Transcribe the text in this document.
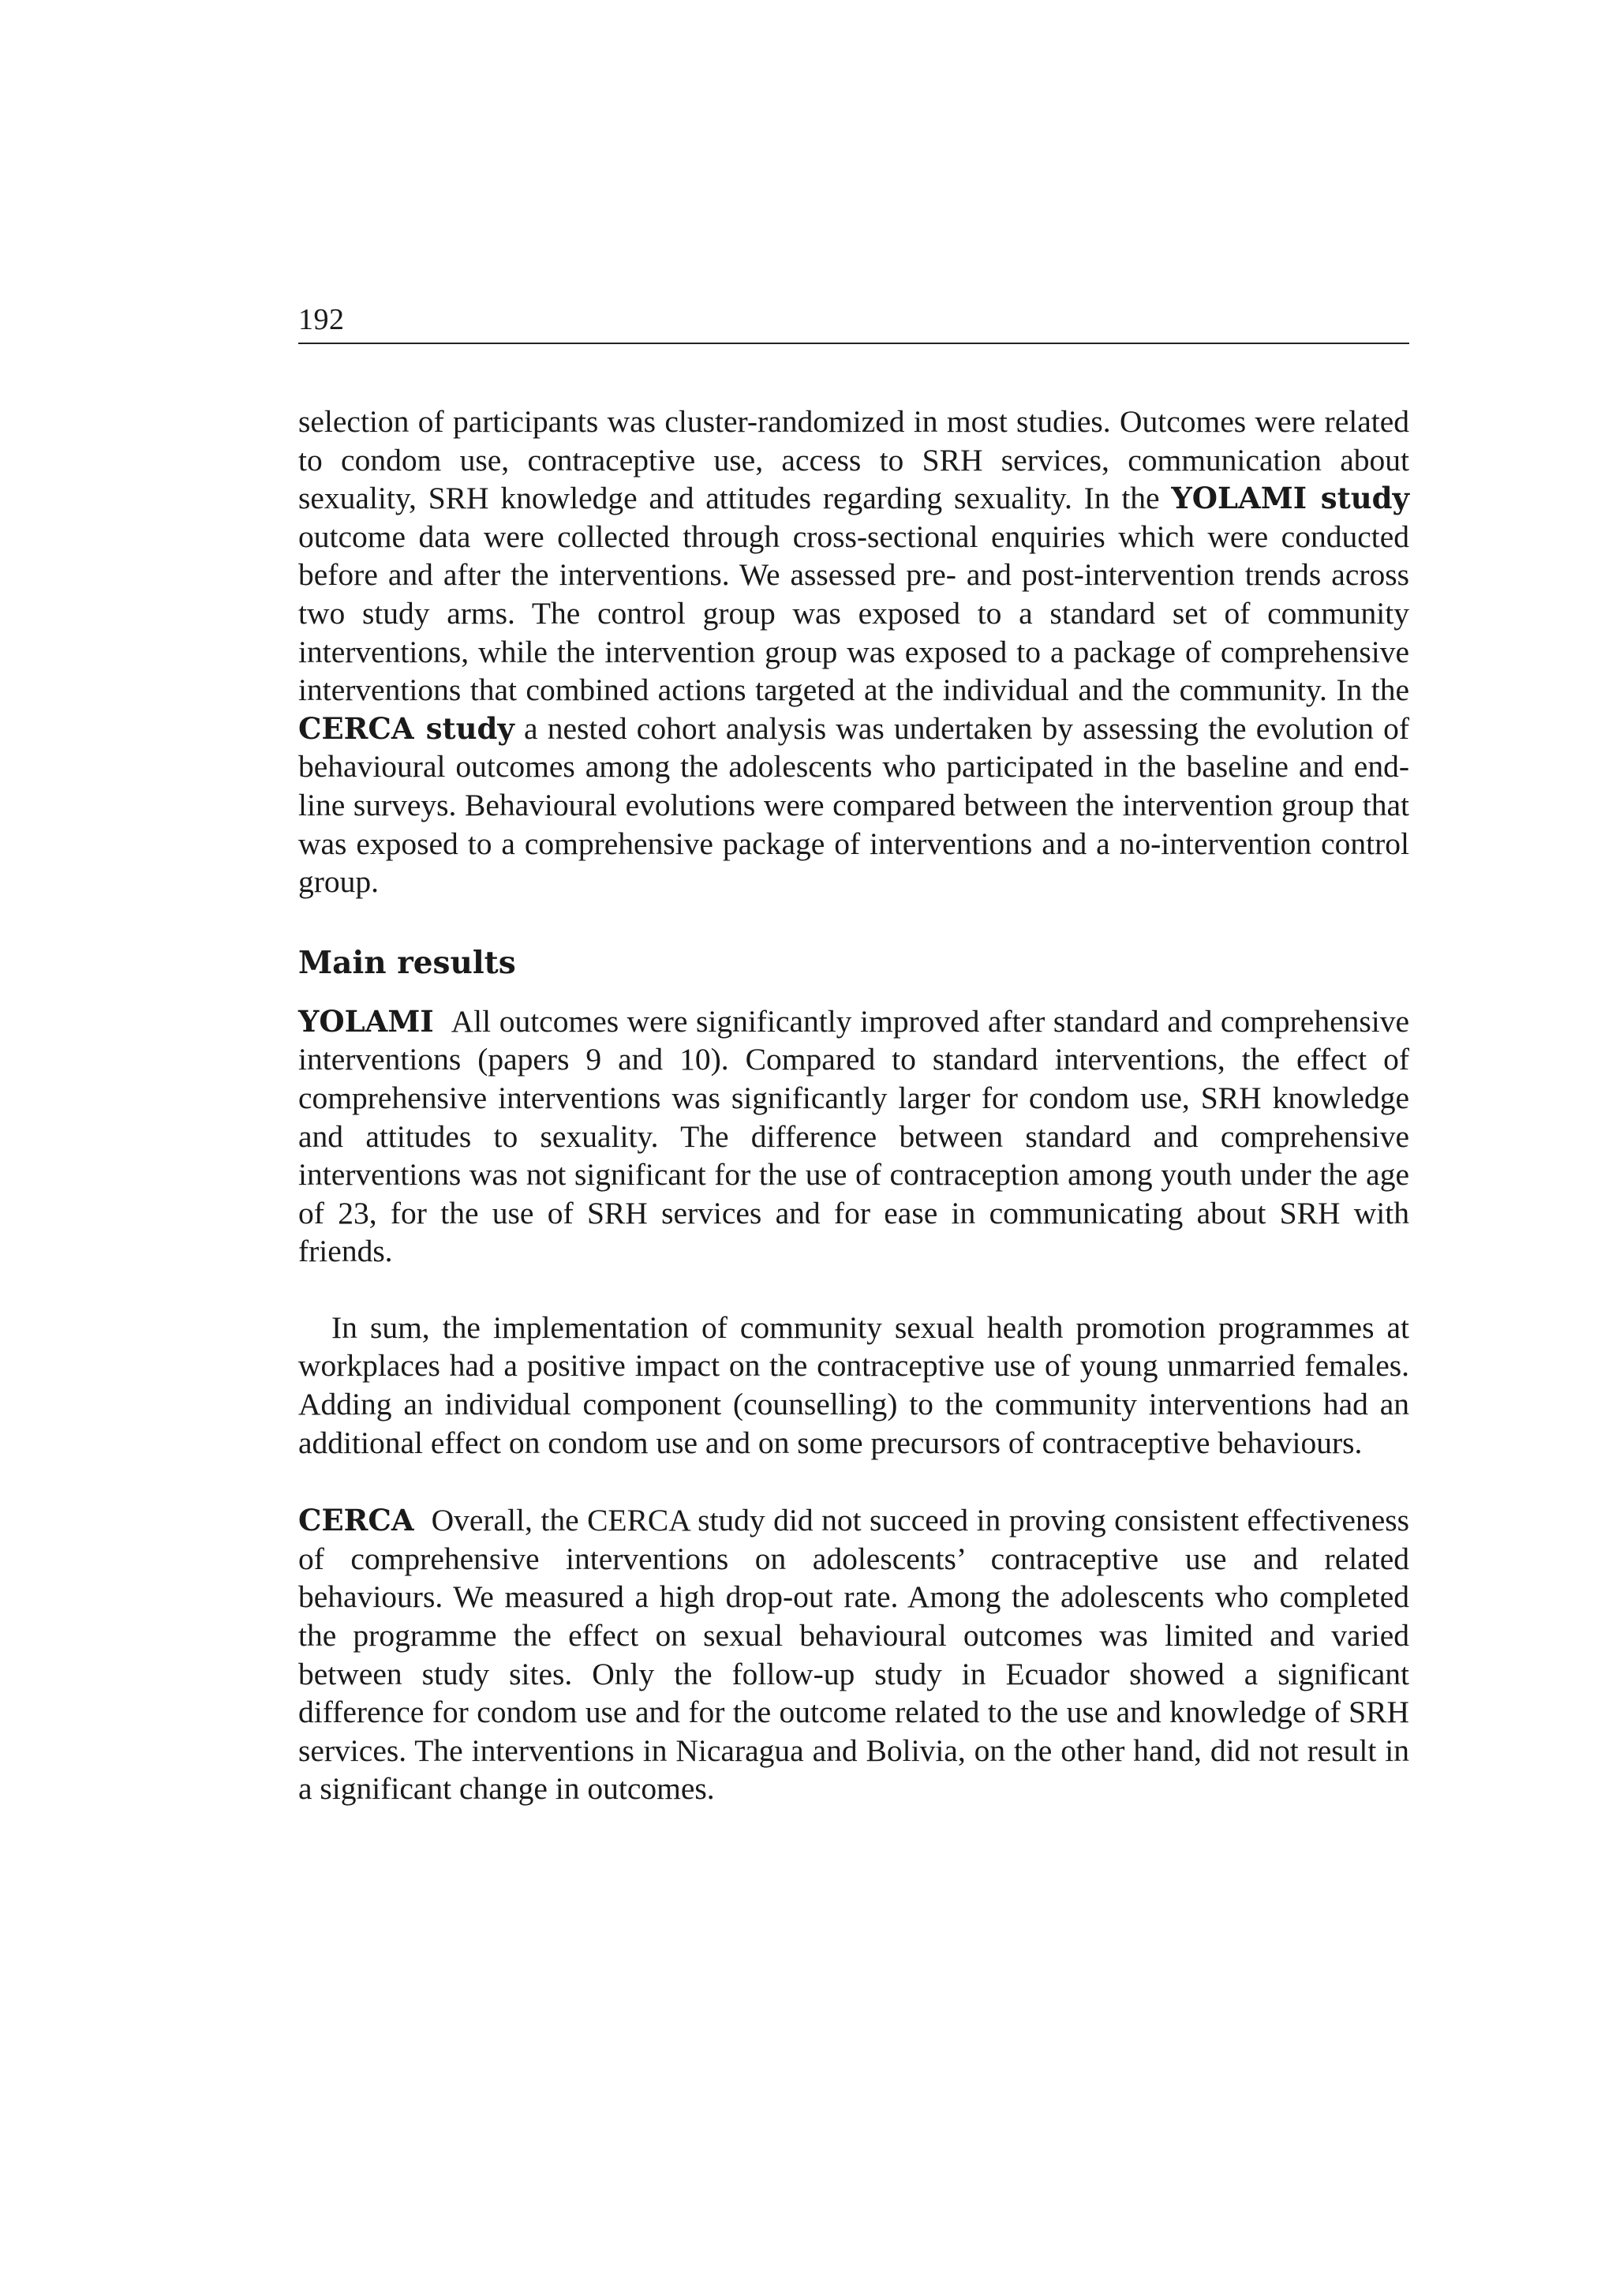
192

selection of participants was cluster-randomized in most studies. Outcomes were related to condom use, contraceptive use, access to SRH services, communication about sexuality, SRH knowledge and attitudes regarding sexuality. In the YOLAMI study outcome data were collected through cross-sectional enquiries which were conducted before and after the interventions. We assessed pre- and post-intervention trends across two study arms. The control group was exposed to a standard set of community interventions, while the intervention group was exposed to a package of comprehensive interventions that combined actions targeted at the individual and the community. In the CERCA study a nested cohort analysis was undertaken by assessing the evolution of behavioural outcomes among the adolescents who participated in the baseline and end-line surveys. Behavioural evolutions were compared between the intervention group that was exposed to a comprehensive package of interventions and a no-intervention control group.

Main results

YOLAMI All outcomes were significantly improved after standard and comprehensive interventions (papers 9 and 10). Compared to standard interventions, the effect of comprehensive interventions was significantly larger for condom use, SRH knowledge and attitudes to sexuality. The difference between standard and comprehensive interventions was not significant for the use of contraception among youth under the age of 23, for the use of SRH services and for ease in communicating about SRH with friends.

In sum, the implementation of community sexual health promotion programmes at workplaces had a positive impact on the contraceptive use of young unmarried females. Adding an individual component (counselling) to the community interventions had an additional effect on condom use and on some precursors of contraceptive behaviours.

CERCA Overall, the CERCA study did not succeed in proving consistent effectiveness of comprehensive interventions on adolescents’ contraceptive use and related behaviours. We measured a high drop-out rate. Among the adolescents who completed the programme the effect on sexual behavioural outcomes was limited and varied between study sites. Only the follow-up study in Ecuador showed a significant difference for condom use and for the outcome related to the use and knowledge of SRH services. The interventions in Nicaragua and Bolivia, on the other hand, did not result in a significant change in outcomes.
